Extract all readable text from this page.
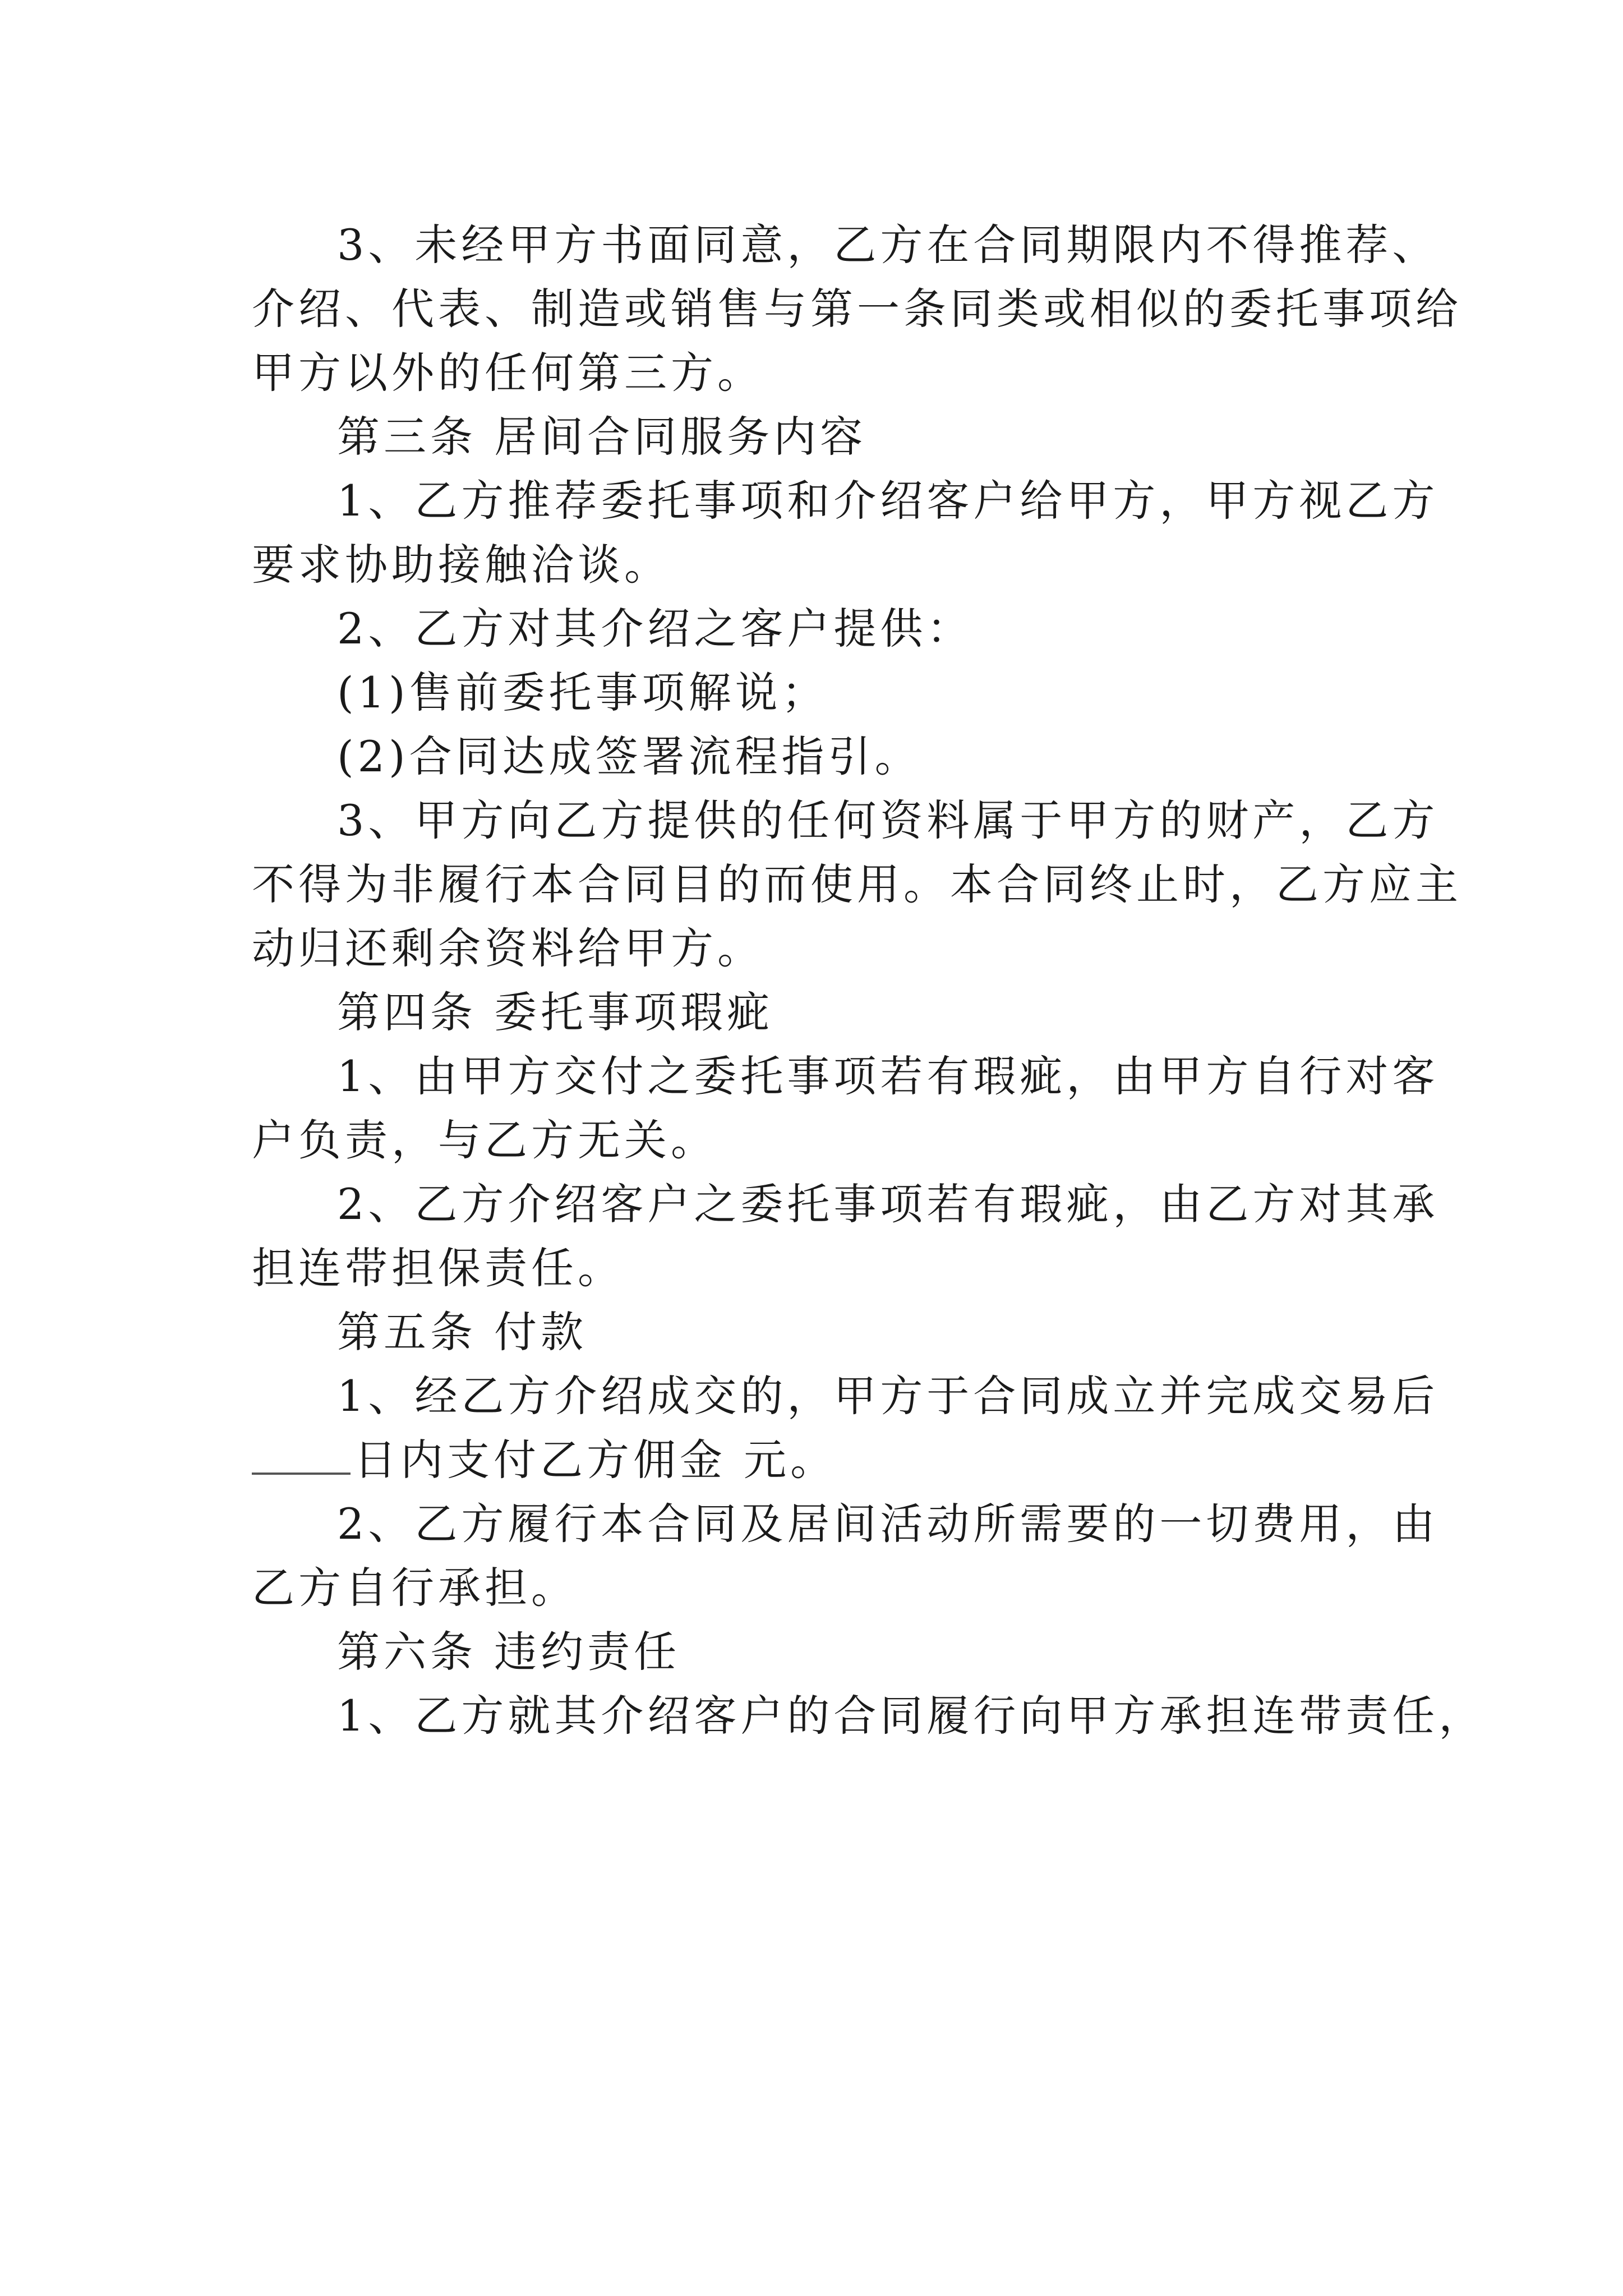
3、未经甲方书面同意，乙方在合同期限内不得推荐、
介绍、代表、制造或销售与第一条同类或相似的委托事项给
甲方以外的任何第三方。
第三条 居间合同服务内容
1、乙方推荐委托事项和介绍客户给甲方，甲方视乙方
要求协助接触洽谈。
2、乙方对其介绍之客户提供：
(1)售前委托事项解说；
(2)合同达成签署流程指引。
3、甲方向乙方提供的任何资料属于甲方的财产，乙方
不得为非履行本合同目的而使用。本合同终止时，乙方应主
动归还剩余资料给甲方。
第四条 委托事项瑕疵
1、由甲方交付之委托事项若有瑕疵，由甲方自行对客
户负责，与乙方无关。
2、乙方介绍客户之委托事项若有瑕疵，由乙方对其承
担连带担保责任。
第五条 付款
1、经乙方介绍成交的，甲方于合同成立并完成交易后
日内支付乙方佣金 元。
2、乙方履行本合同及居间活动所需要的一切费用，由
乙方自行承担。
第六条 违约责任
1、乙方就其介绍客户的合同履行向甲方承担连带责任，
